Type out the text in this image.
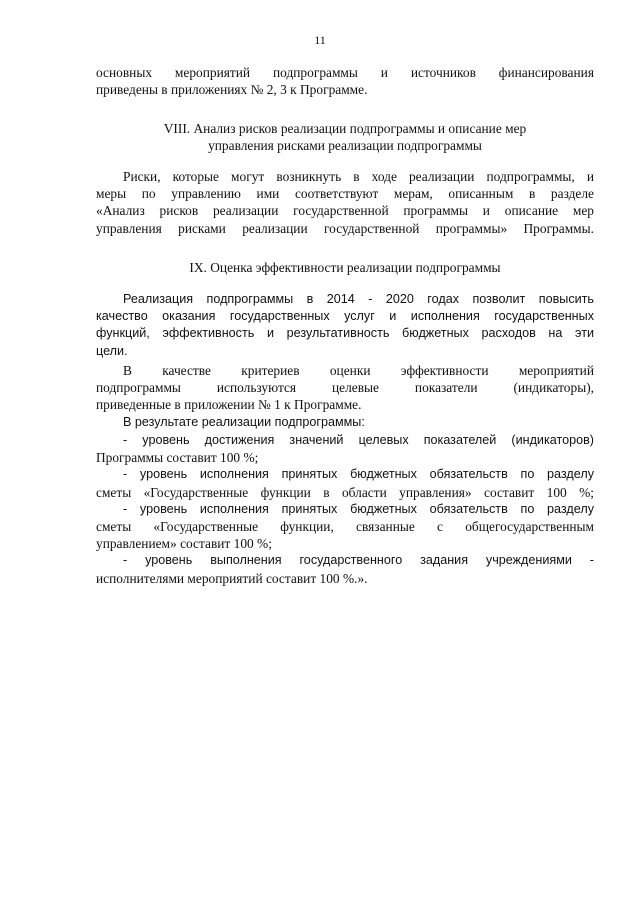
11
основных мероприятий подпрограммы и источников финансирования
приведены в приложениях № 2, 3 к Программе.
VIII. Анализ рисков реализации подпрограммы и описание мер
управления рисками реализации подпрограммы
Риски, которые могут возникнуть в ходе реализации подпрограммы, и
меры по управлению ими соответствуют мерам, описанным в разделе
«Анализ рисков реализации государственной программы и описание мер
управления рисками реализации государственной программы» Программы.
IX. Оценка эффективности реализации подпрограммы
Реализация подпрограммы в 2014 - 2020 годах позволит повысить
качество оказания государственных услуг и исполнения государственных
функций, эффективность и результативность бюджетных расходов на эти
цели.
В качестве критериев оценки эффективности мероприятий
подпрограммы используются целевые показатели (индикаторы),
приведенные в приложении № 1 к Программе.
В результате реализации подпрограммы:
- уровень достижения значений целевых показателей (индикаторов)
Программы составит 100 %;
- уровень исполнения принятых бюджетных обязательств по разделу
сметы «Государственные функции в области управления» составит 100 %;
- уровень исполнения принятых бюджетных обязательств по разделу
сметы «Государственные функции, связанные с общегосударственным
управлением» составит 100 %;
- уровень выполнения государственного задания учреждениями -
исполнителями мероприятий составит 100 %.».
